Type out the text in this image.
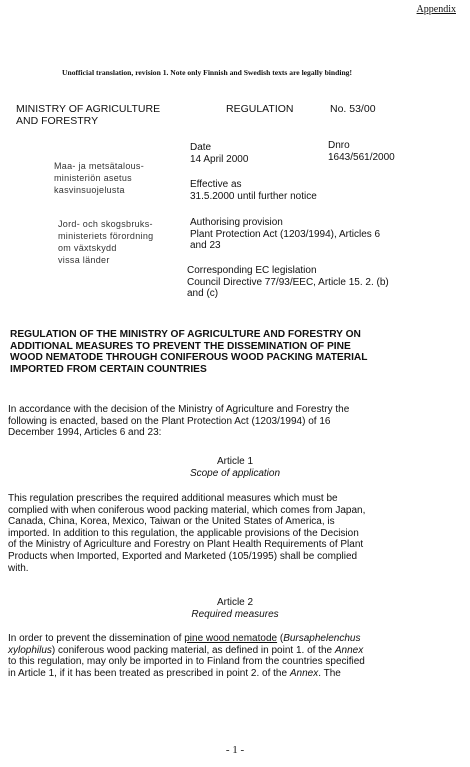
Appendix
Unofficial translation, revision 1. Note only Finnish and Swedish texts are legally binding!
MINISTRY OF AGRICULTURE
AND FORESTRY
REGULATION	No. 53/00
Maa- ja metsätalous-
ministeriön asetus
kasvinsuojelusta
Jord- och skogsbruks-
ministeriets förordning
om växtskydd
vissa länder
Date
14 April 2000
Dnro
1643/561/2000
Effective as
31.5.2000 until further notice
Authorising provision
Plant Protection Act (1203/1994), Articles 6
and 23
Corresponding EC legislation
Council Directive 77/93/EEC, Article 15. 2. (b)
and (c)
REGULATION OF THE MINISTRY OF AGRICULTURE AND FORESTRY ON
ADDITIONAL MEASURES TO PREVENT THE DISSEMINATION OF PINE
WOOD NEMATODE THROUGH CONIFEROUS WOOD PACKING MATERIAL
IMPORTED FROM CERTAIN COUNTRIES
In accordance with the decision of the Ministry of Agriculture and Forestry the
following is enacted, based on the Plant Protection Act (1203/1994) of 16
December 1994, Articles 6 and 23:
Article 1
Scope of application
This regulation prescribes the required additional measures which must be
complied with when coniferous wood packing material, which comes from Japan,
Canada, China, Korea, Mexico, Taiwan or the United States of America, is
imported. In addition to this regulation, the applicable provisions of the Decision
of the Ministry of Agriculture and Forestry on Plant Health Requirements of Plant
Products when Imported, Exported and Marketed (105/1995) shall be complied
with.
Article 2
Required measures
In order to prevent the dissemination of pine wood nematode (Bursaphelenchus
xylophilus) coniferous wood packing material, as defined in point 1. of the Annex
to this regulation, may only be imported in to Finland from the countries specified
in Article 1, if it has been treated as prescribed in point 2. of the Annex. The
- 1 -
